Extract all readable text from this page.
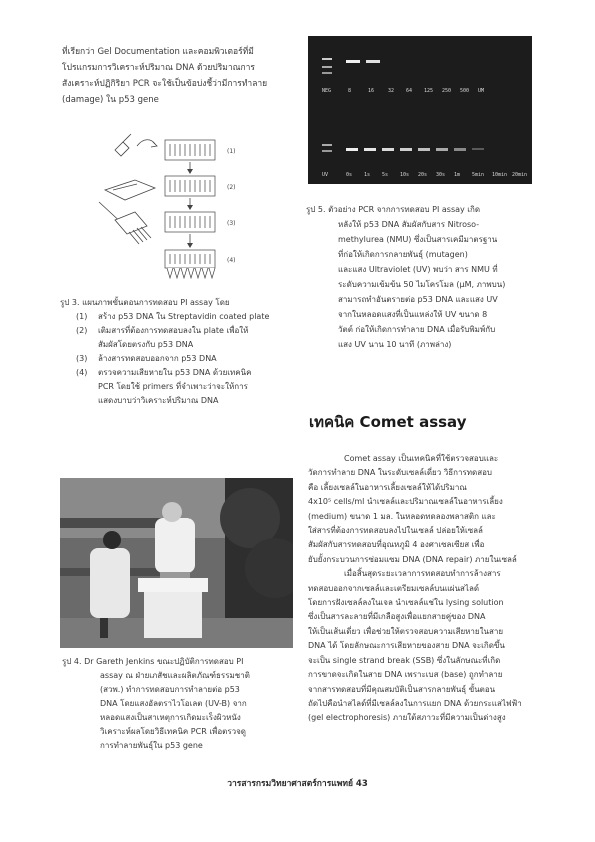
ที่เรียกว่า Gel Documentation และคอมพิวเตอร์ที่มี
โปรแกรมการวิเคราะห์ปริมาณ DNA ด้วยปริมาณการ
สังเคราะห์ปฏิกิริยา PCR จะใช้เป็นข้อบ่งชี้ว่ามีการทำลาย
(damage) ใน p53 gene
(1)
(2)
(3)
(4)
รูป 3. แผนภาพขั้นตอนการทดสอบ PI assay โดย
(1)	สร้าง p53 DNA ใน Streptavidin coated plate
(2)	เติมสารที่ต้องการทดสอบลงใน plate เพื่อให้
สัมผัสโดยตรงกับ p53 DNA
(3)	ล้างสารทดสอบออกจาก p53 DNA
(4)	ตรวจความเสียหายใน p53 DNA ด้วยเทคนิค
PCR โดยใช้ primers ที่จำเพาะว่าจะให้การ
แสดงบาบว่าวิเคราะห์ปริมาณ DNA
รูป 4. Dr Gareth Jenkins ขณะปฏิบัติการทดสอบ PI
assay ณ ฝ่ายเภสัชและผลิตภัณฑ์ธรรมชาติ
(สวพ.) ทำการทดสอบการทำลายต่อ p53
DNA โดยแสงอัลตราไวโอเลต (UV-B) จาก
หลอดแสงเป็นสาเหตุการเกิดมะเร็งผิวหนัง
วิเคราะห์ผลโดยวิธีเทคนิค PCR เพื่อตรวจดู
การทำลายพันธุ์ใน p53 gene
NEG	8	16	32 64 125 250 500 UM
UV	0s 1s 5s 10s 20s 30s 1m 5min 10min 20min
รูป 5. ตัวอย่าง PCR จากการทดสอบ PI assay เกิด
หลังให้ p53 DNA สัมผัสกับสาร Nitroso-
methylurea (NMU) ซึ่งเป็นสารเคมีมาตรฐาน
ที่ก่อให้เกิดการกลายพันธุ์ (mutagen)
และแสง Ultraviolet (UV) พบว่า สาร NMU ที่
ระดับความเข้มข้น 50 ไมโครโมล (μM, ภาพบน)
สามารถทำอันตรายต่อ p53 DNA และแสง UV
จากในหลอดแสงที่เป็นแหล่งให้ UV ขนาด 8
วัตต์ ก่อให้เกิดการทำลาย DNA เมื่อรับพิมพ์กับ
แสง UV นาน 10 นาที (ภาพล่าง)
เทคนิค Comet assay
Comet assay เป็นเทคนิคที่ใช้ตรวจสอบและ
วัดการทำลาย DNA ในระดับเซลล์เดี่ยว วิธีการทดสอบ
คือ เลี้ยงเซลล์ในอาหารเลี้ยงเซลล์ให้ได้ปริมาณ
4x10⁵ cells/ml นำเซลล์และปริมาณเซลล์ในอาหารเลี้ยง
(medium) ขนาด 1 มล. ในหลอดทดลองพลาสติก และ
ใส่สารที่ต้องการทดสอบลงไปในเซลล์ ปล่อยให้เซลล์
สัมผัสกับสารทดสอบที่อุณหภูมิ 4 องศาเซลเซียส เพื่อ
ยับยั้งกระบวนการซ่อมแซม DNA (DNA repair) ภายในเซลล์
เมื่อสิ้นสุดระยะเวลาการทดสอบทำการล้างสาร
ทดสอบออกจากเซลล์และเตรียมเซลล์บนแผ่นสไลด์
โดยการฝังเซลล์ลงในเจล นำเซลล์แช่ใน lysing solution
ซึ่งเป็นสารละลายที่มีเกลือสูงเพื่อแยกสายคู่ของ DNA
ให้เป็นเส้นเดี่ยว เพื่อช่วยให้ตรวจสอบความเสียหายในสาย
DNA ได้ โดยลักษณะการเสียหายของสาย DNA จะเกิดขึ้น
จะเป็น single strand break (SSB) ซึ่งในลักษณะที่เกิด
การขาดจะเกิดในสาย DNA เพราะเบส (base) ถูกทำลาย
จากสารทดสอบที่มีคุณสมบัติเป็นสารกลายพันธุ์ ขั้นตอน
ถัดไปคือนำสไลด์ที่มีเซลล์ลงในการแยก DNA ด้วยกระแสไฟฟ้า
(gel electrophoresis) ภายใต้สภาวะที่มีความเป็นด่างสูง
วารสารกรมวิทยาศาสตร์การแพทย์ 43
